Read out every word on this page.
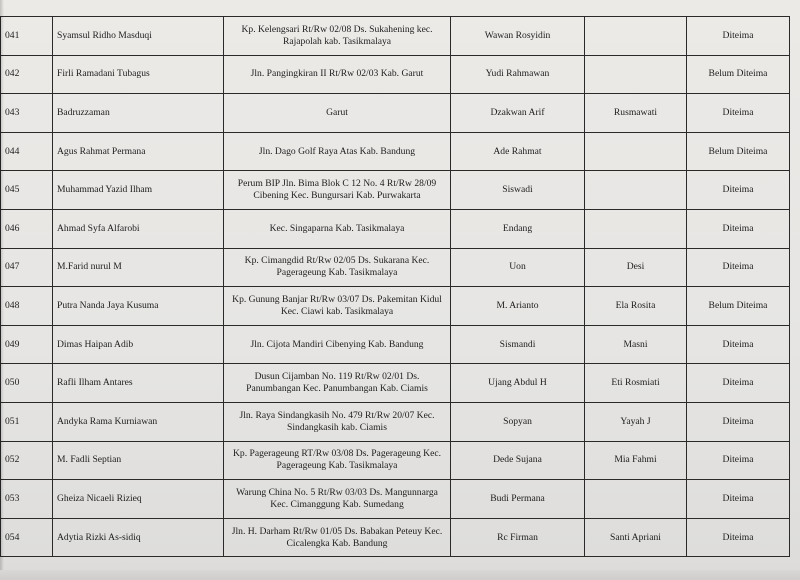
041	Syamsul Ridho Masduqi	Kp. Kelengsari Rt/Rw 02/08 Ds. Sukahening kec.
Rajapolah kab. Tasikmalaya	Wawan Rosyidin		Diteima
042	Firli Ramadani Tubagus	Jln. Pangingkiran II Rt/Rw 02/03 Kab. Garut	Yudi Rahmawan		Belum Diteima
043	Badruzzaman	Garut	Dzakwan Arif	Rusmawati	Diteima
044	Agus Rahmat Permana	Jln. Dago Golf Raya Atas Kab. Bandung	Ade Rahmat		Belum Diteima
045	Muhammad Yazid Ilham	Perum BIP Jln. Bima Blok C 12 No. 4 Rt/Rw 28/09
Cibening Kec. Bungursari Kab. Purwakarta	Siswadi		Diteima
046	Ahmad Syfa Alfarobi	Kec. Singaparna Kab. Tasikmalaya	Endang		Diteima
047	M.Farid nurul M	Kp. Cimangdid Rt/Rw 02/05 Ds. Sukarana Kec.
Pagerageung Kab. Tasikmalaya	Uon	Desi	Diteima
048	Putra Nanda Jaya Kusuma	Kp. Gunung Banjar Rt/Rw 03/07 Ds. Pakemitan Kidul
Kec. Ciawi kab. Tasikmalaya	M. Arianto	Ela Rosita	Belum Diteima
049	Dimas Haipan Adib	Jln. Cijota Mandiri Cibenying Kab. Bandung	Sismandi	Masni	Diteima
050	Rafli Ilham Antares	Dusun Cijamban No. 119 Rt/Rw 02/01 Ds.
Panumbangan Kec. Panumbangan Kab. Ciamis	Ujang Abdul H	Eti Rosmiati	Diteima
051	Andyka Rama Kurniawan	Jln. Raya Sindangkasih No. 479 Rt/Rw 20/07 Kec.
Sindangkasih kab. Ciamis	Sopyan	Yayah J	Diteima
052	M. Fadli Septian	Kp. Pagerageung RT/Rw 03/08 Ds. Pagerageung Kec.
Pagerageung Kab. Tasikmalaya	Dede Sujana	Mia Fahmi	Diteima
053	Gheiza Nicaeli Rizieq	Warung China No. 5 Rt/Rw 03/03 Ds. Mangunnarga
Kec. Cimanggung Kab. Sumedang	Budi Permana		Diteima
054	Adytia Rizki As-sidiq	Jln. H. Darham Rt/Rw 01/05 Ds. Babakan Peteuy Kec.
Cicalengka Kab. Bandung	Rc Firman	Santi Apriani	Diteima
